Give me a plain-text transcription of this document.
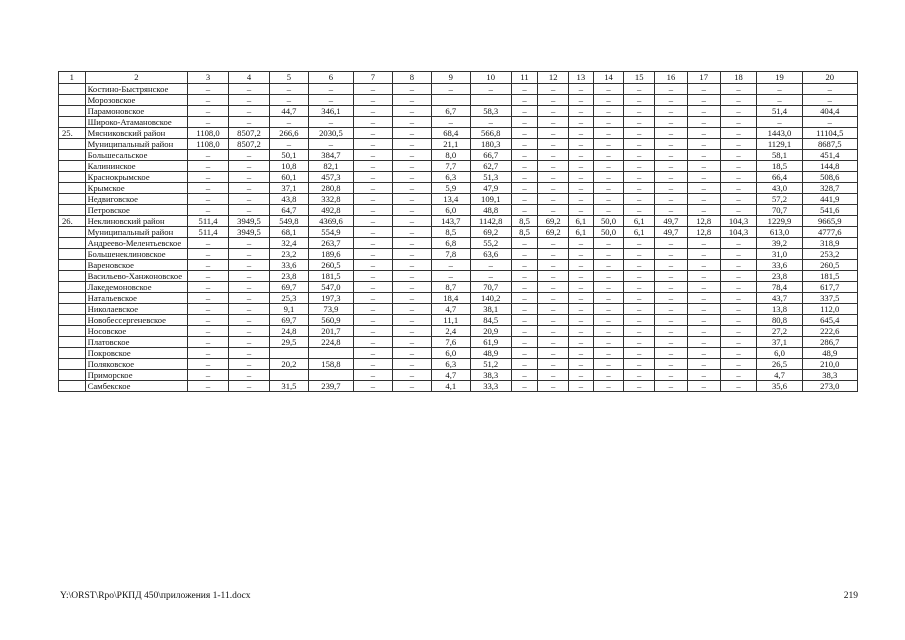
1	2	3	4	5	6	7	8	9	10	11	12	13	14	15	16	17	18	19	20
	Костино-Быстрянское	–	–	–	–	–	–	–	–	–	–	–	–	–	–	–	–	–	–
	Морозовское	–	–	–	–	–	–			–	–	–	–	–	–	–	–	–	–
	Парамоновское	–	–	44,7	346,1	–	–	6,7	58,3	–	–	–	–	–	–	–	–	51,4	404,4
	Широко-Атамановское	–	–	–	–	–	–	–	–	–	–	–	–	–	–	–	–	–	–
25.	Мясниковский район	1108,0	8507,2	266,6	2030,5	–	–	68,4	566,8	–	–	–	–	–	–	–	–	1443,0	11104,5
	Муниципальный район	1108,0	8507,2	–	–	–	–	21,1	180,3	–	–	–	–	–	–	–	–	1129,1	8687,5
	Большесальское	–	–	50,1	384,7	–	–	8,0	66,7	–	–	–	–	–	–	–	–	58,1	451,4
	Калининское	–	–	10,8	82,1	–	–	7,7	62,7	–	–	–	–	–	–	–	–	18,5	144,8
	Краснокрымское	–	–	60,1	457,3	–	–	6,3	51,3	–	–	–	–	–	–	–	–	66,4	508,6
	Крымское	–	–	37,1	280,8	–	–	5,9	47,9	–	–	–	–	–	–	–	–	43,0	328,7
	Недвиговское	–	–	43,8	332,8	–	–	13,4	109,1	–	–	–	–	–	–	–	–	57,2	441,9
	Петровское	–	–	64,7	492,8	–	–	6,0	48,8	–	–	–	–	–	–	–	–	70,7	541,6
26.	Неклиновский район	511,4	3949,5	549,8	4369,6	–	–	143,7	1142,8	8,5	69,2	6,1	50,0	6,1	49,7	12,8	104,3	1229,9	9665,9
	Муниципальный район	511,4	3949,5	68,1	554,9	–	–	8,5	69,2	8,5	69,2	6,1	50,0	6,1	49,7	12,8	104,3	613,0	4777,6
	Андреево-Мелентьевское	–	–	32,4	263,7	–	–	6,8	55,2	–	–	–	–	–	–	–	–	39,2	318,9
	Большенеклиновское	–	–	23,2	189,6	–	–	7,8	63,6	–	–	–	–	–	–	–	–	31,0	253,2
	Вареновское	–	–	33,6	260,5	–	–	–	–	–	–	–	–	–	–	–	–	33,6	260,5
	Васильево-Ханжоновское	–	–	23,8	181,5	–	–	–	–	–	–	–	–	–	–	–	–	23,8	181,5
	Лакедемоновское	–	–	69,7	547,0	–	–	8,7	70,7	–	–	–	–	–	–	–	–	78,4	617,7
	Натальевское	–	–	25,3	197,3	–	–	18,4	140,2	–	–	–	–	–	–	–	–	43,7	337,5
	Николаевское	–	–	9,1	73,9	–	–	4,7	38,1	–	–	–	–	–	–	–	–	13,8	112,0
	Новобессергеневское	–	–	69,7	560,9	–	–	11,1	84,5	–	–	–	–	–	–	–	–	80,8	645,4
	Носовское	–	–	24,8	201,7	–	–	2,4	20,9	–	–	–	–	–	–	–	–	27,2	222,6
	Платовское	–	–	29,5	224,8	–	–	7,6	61,9	–	–	–	–	–	–	–	–	37,1	286,7
	Покровское	–	–			–	–	6,0	48,9	–	–	–	–	–	–	–	–	6,0	48,9
	Поляковское	–	–	20,2	158,8	–	–	6,3	51,2	–	–	–	–	–	–	–	–	26,5	210,0
	Приморское	–	–			–	–	4,7	38,3	–	–	–	–	–	–	–	–	4,7	38,3
	Самбекское	–	–	31,5	239,7	–	–	4,1	33,3	–	–	–	–	–	–	–	–	35,6	273,0
Y:\ORST\Rpo\РКПД 450\приложения 1-11.docx	219
